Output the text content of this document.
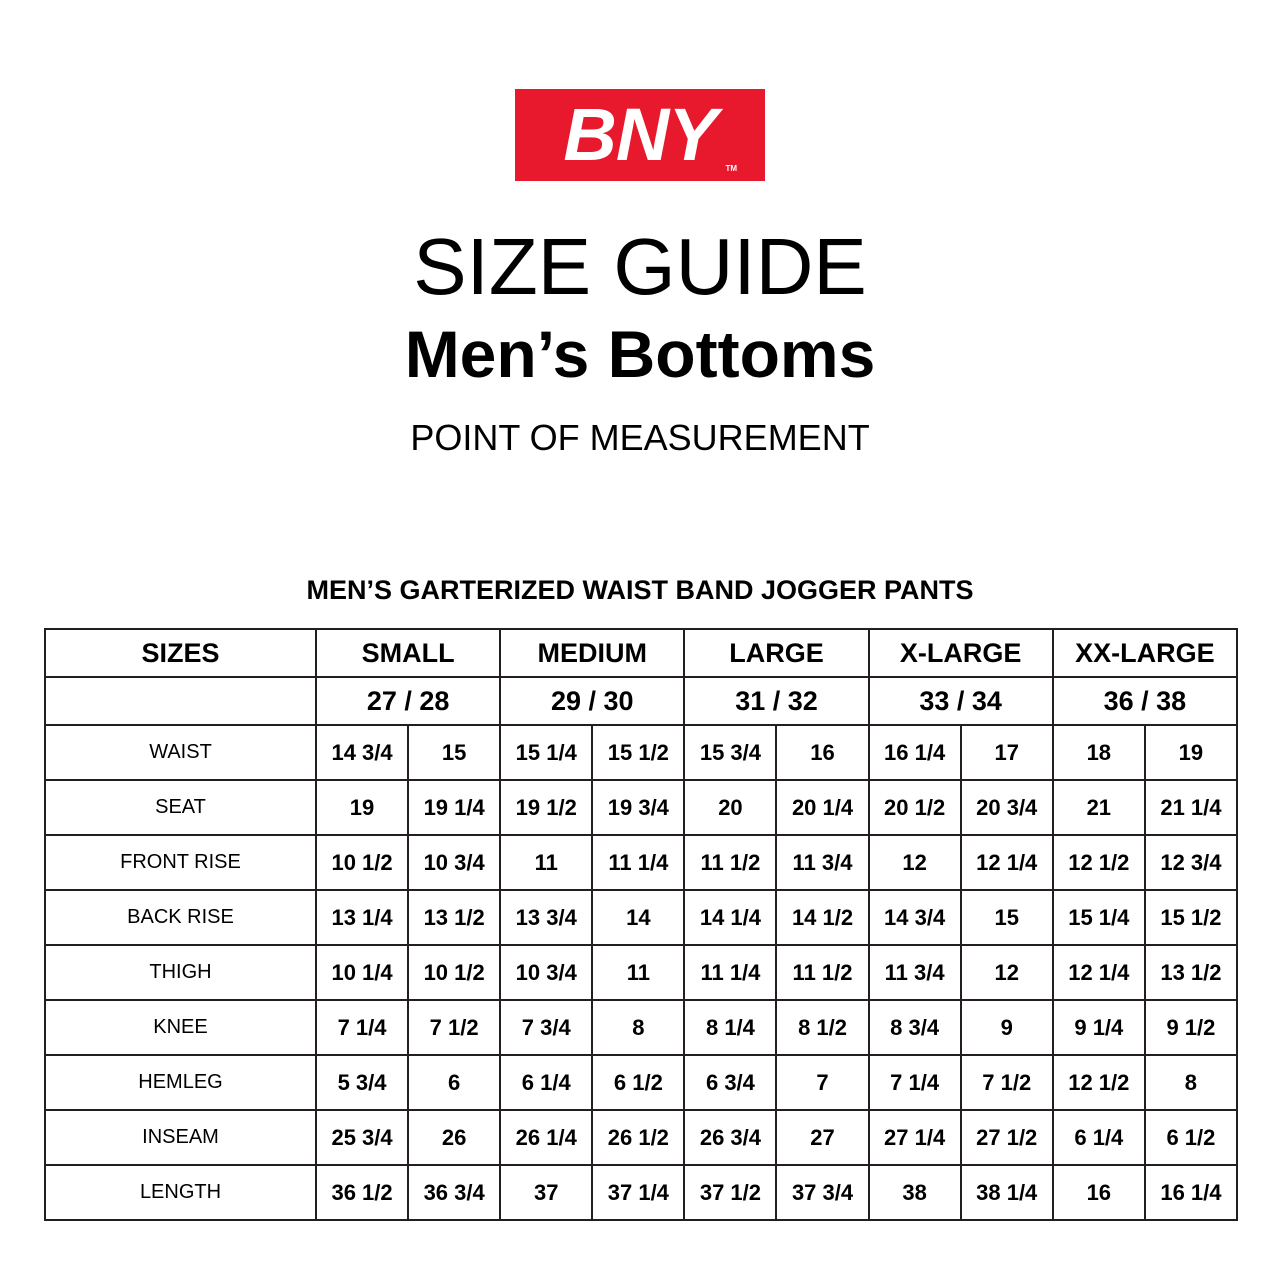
BNY	TM
SIZE GUIDE
Men’s Bottoms
POINT OF MEASUREMENT
MEN’S GARTERIZED WAIST BAND JOGGER PANTS
SIZES	SMALL		MEDIUM		LARGE		X-LARGE		XX-LARGE	
	27 / 28		29 / 30		31 / 32		33 / 34		36 / 38	
WAIST	14 3/4	15	15 1/4	15 1/2	15 3/4	16	16 1/4	17	18	19
SEAT	19	19 1/4	19 1/2	19 3/4	20	20 1/4	20 1/2	20 3/4	21	21 1/4
FRONT RISE	10 1/2	10 3/4	11	11 1/4	11 1/2	11 3/4	12	12 1/4	12 1/2	12 3/4
BACK RISE	13 1/4	13 1/2	13 3/4	14	14 1/4	14 1/2	14 3/4	15	15 1/4	15 1/2
THIGH	10 1/4	10 1/2	10 3/4	11	11 1/4	11 1/2	11 3/4	12	12 1/4	13 1/2
KNEE	7 1/4	7 1/2	7 3/4	8	8 1/4	8 1/2	8 3/4	9	9 1/4	9 1/2
HEMLEG	5 3/4	6	6 1/4	6 1/2	6 3/4	7	7 1/4	7 1/2	12 1/2	8
INSEAM	25 3/4	26	26 1/4	26 1/2	26 3/4	27	27 1/4	27 1/2	6 1/4	6 1/2
LENGTH	36 1/2	36 3/4	37	37 1/4	37 1/2	37 3/4	38	38 1/4	16	16 1/4
